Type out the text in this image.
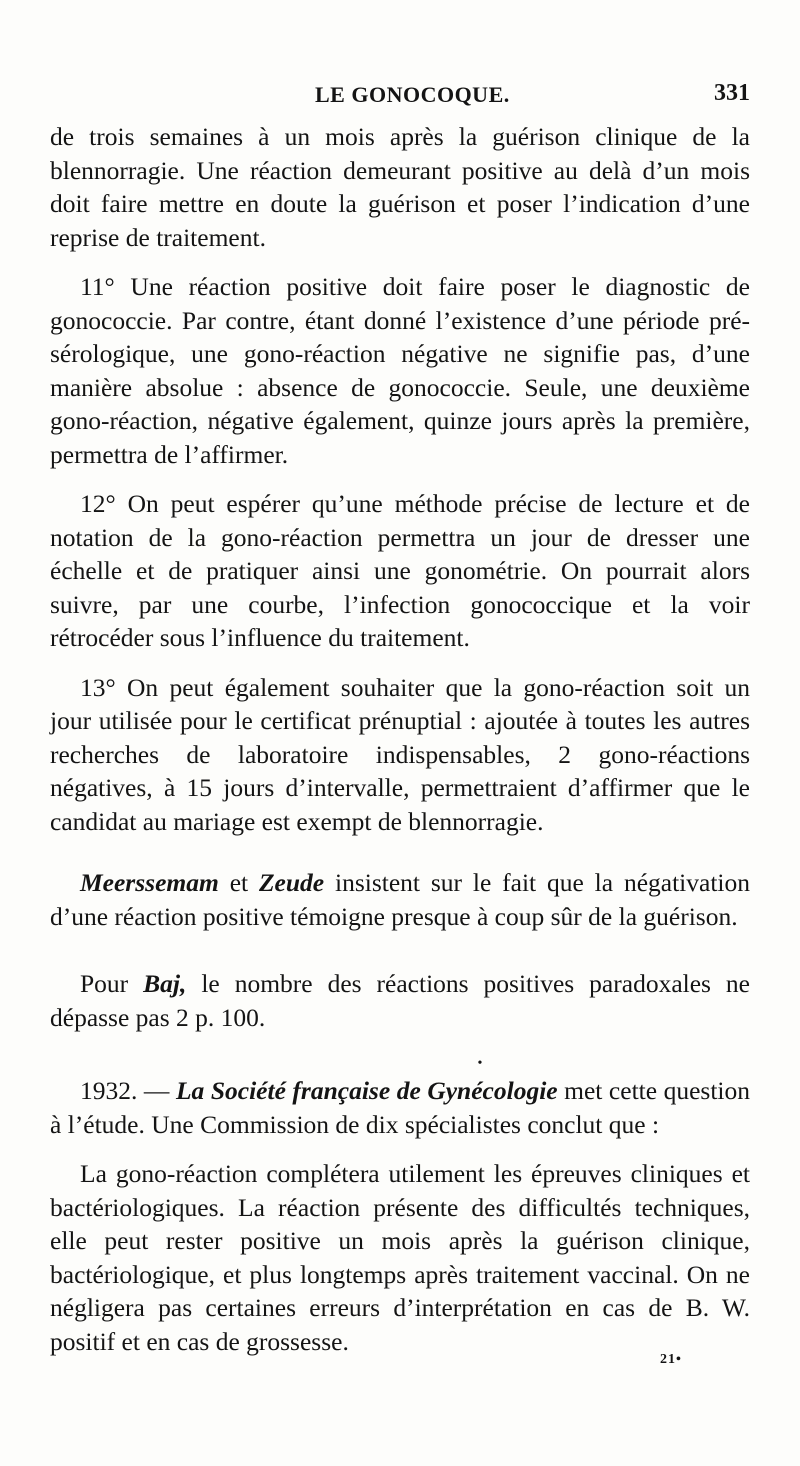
LE GONOCOQUE.	331

de trois semaines à un mois après la guérison clinique de la blennorragie. Une réaction demeurant positive au delà d’un mois doit faire mettre en doute la guérison et poser l’indication d’une reprise de traitement.

11° Une réaction positive doit faire poser le diagnostic de gonococcie. Par contre, étant donné l’existence d’une période pré-sérologique, une gono-réaction négative ne signifie pas, d’une manière absolue : absence de gonococcie. Seule, une deuxième gono-réaction, négative également, quinze jours après la première, permettra de l’affirmer.

12° On peut espérer qu’une méthode précise de lecture et de notation de la gono-réaction permettra un jour de dresser une échelle et de pratiquer ainsi une gonométrie. On pourrait alors suivre, par une courbe, l’infection gonococcique et la voir rétrocéder sous l’influence du traitement.

13° On peut également souhaiter que la gono-réaction soit un jour utilisée pour le certificat prénuptial : ajoutée à toutes les autres recherches de laboratoire indispensables, 2 gono-réactions négatives, à 15 jours d’intervalle, permettraient d’affirmer que le candidat au mariage est exempt de blennorragie.

Meerssemam et Zeude insistent sur le fait que la négativation d’une réaction positive témoigne presque à coup sûr de la guérison.

Pour Baj, le nombre des réactions positives paradoxales ne dépasse pas 2 p. 100.

•

1932. — La Société française de Gynécologie met cette question à l’étude. Une Commission de dix spécialistes conclut que :

La gono-réaction complétera utilement les épreuves cliniques et bactériologiques. La réaction présente des difficultés techniques, elle peut rester positive un mois après la guérison clinique, bactériologique, et plus longtemps après traitement vaccinal. On ne négligera pas certaines erreurs d’interprétation en cas de B. W. positif et en cas de grossesse.

21•
